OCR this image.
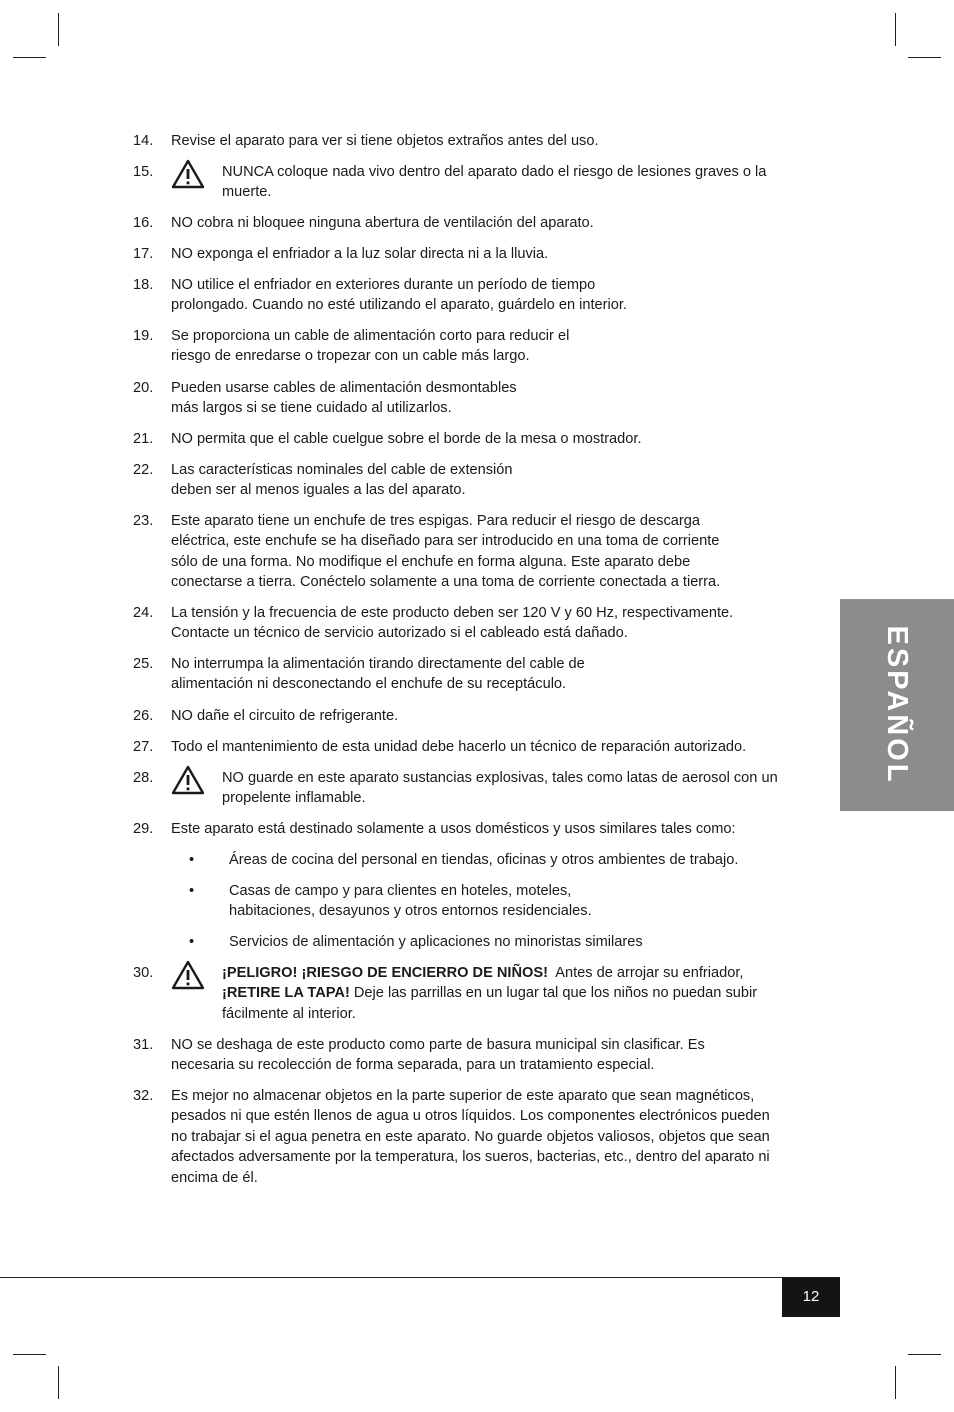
14.	Revise el aparato para ver si tiene objetos extraños antes del uso.
15.	NUNCA coloque nada vivo dentro del aparato dado el riesgo de lesiones graves o la
muerte.
16.	NO cobra ni bloquee ninguna abertura de ventilación del aparato.
17.	NO exponga el enfriador a la luz solar directa ni a la lluvia.
18.	NO utilice el enfriador en exteriores durante un período de tiempo
prolongado. Cuando no esté utilizando el aparato, guárdelo en interior.
19.	Se proporciona un cable de alimentación corto para reducir el
riesgo de enredarse o tropezar con un cable más largo.
20.	Pueden usarse cables de alimentación desmontables
más largos si se tiene cuidado al utilizarlos.
21.	NO permita que el cable cuelgue sobre el borde de la mesa o mostrador.
22.	Las características nominales del cable de extensión
deben ser al menos iguales a las del aparato.
23.	Este aparato tiene un enchufe de tres espigas. Para reducir el riesgo de descarga
eléctrica, este enchufe se ha diseñado para ser introducido en una toma de corriente
sólo de una forma. No modifique el enchufe en forma alguna. Este aparato debe
conectarse a tierra. Conéctelo solamente a una toma de corriente conectada a tierra.
24.	La tensión y la frecuencia de este producto deben ser 120 V y 60 Hz, respectivamente.
Contacte un técnico de servicio autorizado si el cableado está dañado.
25.	No interrumpa la alimentación tirando directamente del cable de
alimentación ni desconectando el enchufe de su receptáculo.
26.	NO dañe el circuito de refrigerante.
27.	Todo el mantenimiento de esta unidad debe hacerlo un técnico de reparación autorizado.
28.	NO guarde en este aparato sustancias explosivas, tales como latas de aerosol con un
propelente inflamable.
29.	Este aparato está destinado solamente a usos domésticos y usos similares tales como:
• Áreas de cocina del personal en tiendas, oficinas y otros ambientes de trabajo.
• Casas de campo y para clientes en hoteles, moteles,
habitaciones, desayunos y otros entornos residenciales.
• Servicios de alimentación y aplicaciones no minoristas similares
30.	¡PELIGRO! ¡RIESGO DE ENCIERRO DE NIÑOS!  Antes de arrojar su enfriador,
¡RETIRE LA TAPA! Deje las parrillas en un lugar tal que los niños no puedan subir
fácilmente al interior.
31.	NO se deshaga de este producto como parte de basura municipal sin clasificar. Es
necesaria su recolección de forma separada, para un tratamiento especial.
32.	Es mejor no almacenar objetos en la parte superior de este aparato que sean magnéticos,
pesados ni que estén llenos de agua u otros líquidos. Los componentes electrónicos pueden
no trabajar si el agua penetra en este aparato. No guarde objetos valiosos, objetos que sean
afectados adversamente por la temperatura, los sueros, bacterias, etc., dentro del aparato ni
encima de él.
ESPAÑOL
12
